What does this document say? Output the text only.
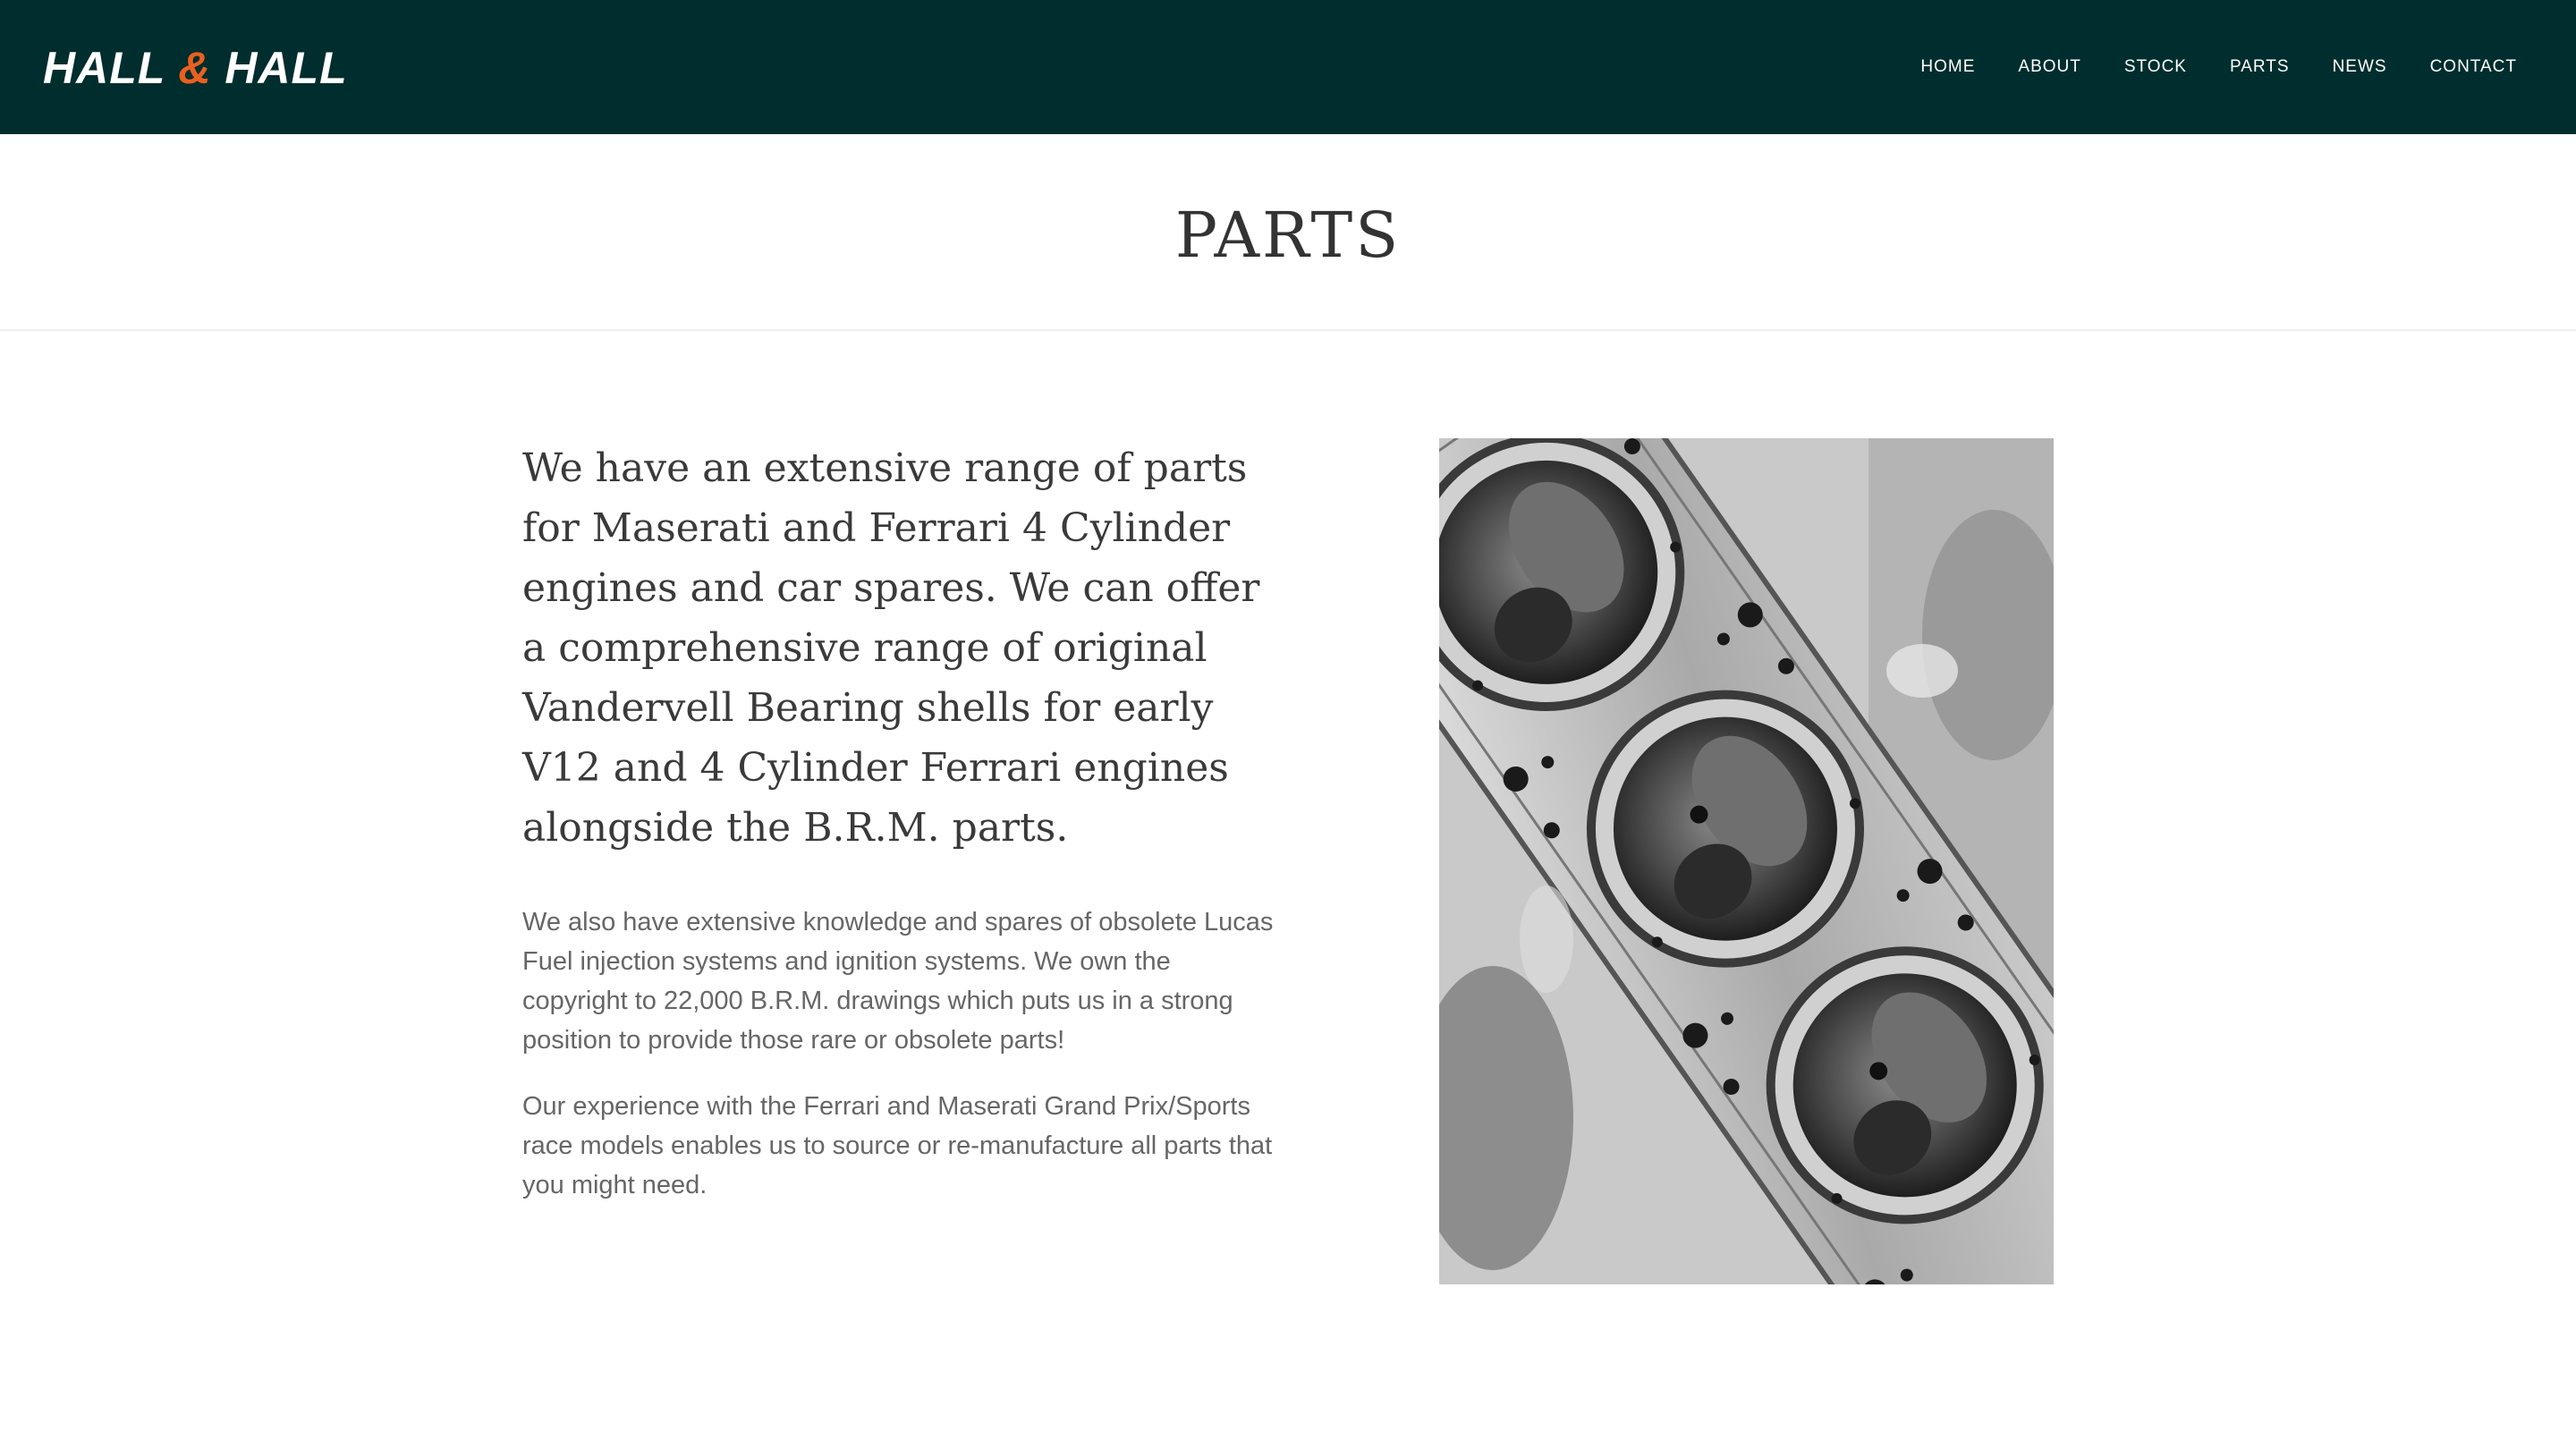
HALL & HALL	HOME	ABOUT	STOCK	PARTS	NEWS	CONTACT
PARTS

We have an extensive range of parts for Maserati and Ferrari 4 Cylinder engines and car spares. We can offer a comprehensive range of original Vandervell Bearing shells for early V12 and 4 Cylinder Ferrari engines alongside the B.R.M. parts.

We also have extensive knowledge and spares of obsolete Lucas Fuel injection systems and ignition systems. We own the copyright to 22,000 B.R.M. drawings which puts us in a strong position to provide those rare or obsolete parts!

Our experience with the Ferrari and Maserati Grand Prix/Sports race models enables us to source or re-manufacture all parts that you might need.
